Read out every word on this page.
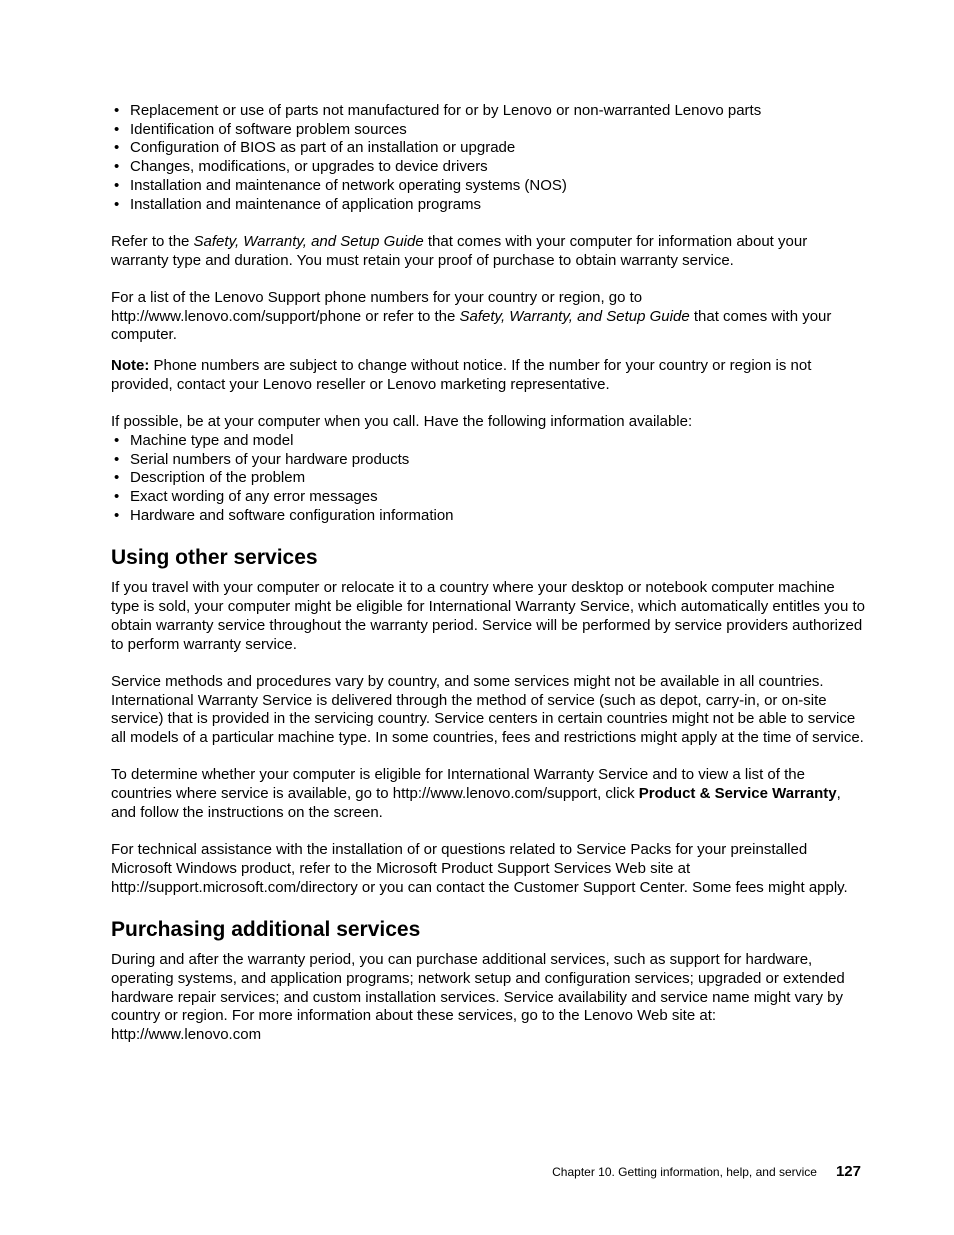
• Replacement or use of parts not manufactured for or by Lenovo or non-warranted Lenovo parts
• Identification of software problem sources
• Configuration of BIOS as part of an installation or upgrade
• Changes, modifications, or upgrades to device drivers
• Installation and maintenance of network operating systems (NOS)
• Installation and maintenance of application programs

Refer to the Safety, Warranty, and Setup Guide that comes with your computer for information about your warranty type and duration. You must retain your proof of purchase to obtain warranty service.

For a list of the Lenovo Support phone numbers for your country or region, go to http://www.lenovo.com/support/phone or refer to the Safety, Warranty, and Setup Guide that comes with your computer.

Note: Phone numbers are subject to change without notice. If the number for your country or region is not provided, contact your Lenovo reseller or Lenovo marketing representative.

If possible, be at your computer when you call. Have the following information available:

• Machine type and model
• Serial numbers of your hardware products
• Description of the problem
• Exact wording of any error messages
• Hardware and software configuration information
Using other services

If you travel with your computer or relocate it to a country where your desktop or notebook computer machine type is sold, your computer might be eligible for International Warranty Service, which automatically entitles you to obtain warranty service throughout the warranty period. Service will be performed by service providers authorized to perform warranty service.

Service methods and procedures vary by country, and some services might not be available in all countries. International Warranty Service is delivered through the method of service (such as depot, carry-in, or on-site service) that is provided in the servicing country. Service centers in certain countries might not be able to service all models of a particular machine type. In some countries, fees and restrictions might apply at the time of service.

To determine whether your computer is eligible for International Warranty Service and to view a list of the countries where service is available, go to http://www.lenovo.com/support, click Product & Service Warranty, and follow the instructions on the screen.

For technical assistance with the installation of or questions related to Service Packs for your preinstalled Microsoft Windows product, refer to the Microsoft Product Support Services Web site at http://support.microsoft.com/directory or you can contact the Customer Support Center. Some fees might apply.

Purchasing additional services

During and after the warranty period, you can purchase additional services, such as support for hardware, operating systems, and application programs; network setup and configuration services; upgraded or extended hardware repair services; and custom installation services. Service availability and service name might vary by country or region. For more information about these services, go to the Lenovo Web site at: http://www.lenovo.com

Chapter 10. Getting information, help, and service 127
